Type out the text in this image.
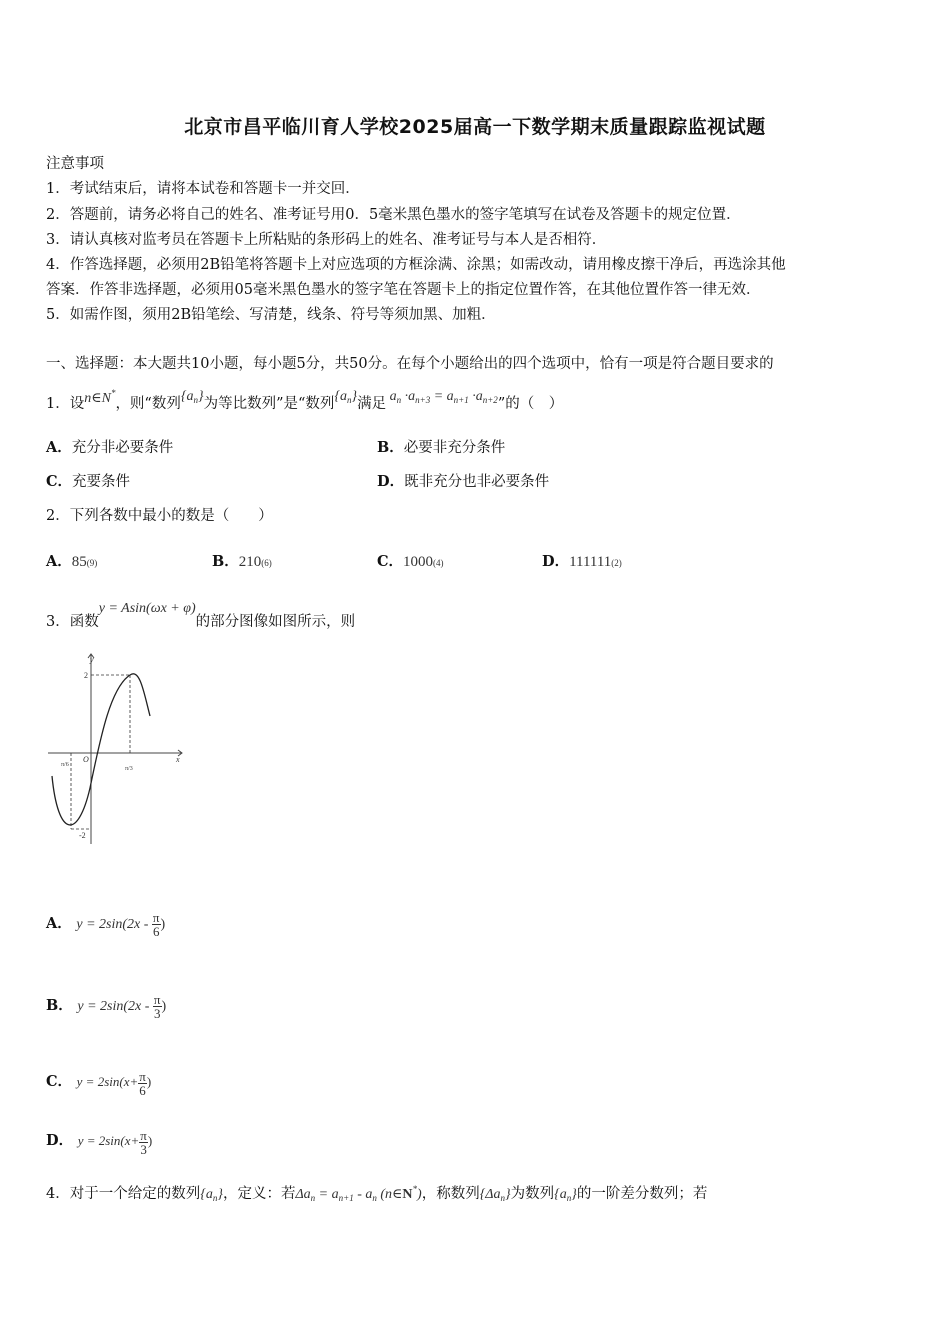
北京市昌平临川育人学校2025届高一下数学期末质量跟踪监视试题
注意事项
1．考试结束后，请将本试卷和答题卡一并交回．
2．答题前，请务必将自己的姓名、准考证号用0．5毫米黑色墨水的签字笔填写在试卷及答题卡的规定位置．
3．请认真核对监考员在答题卡上所粘贴的条形码上的姓名、准考证号与本人是否相符．
4．作答选择题，必须用2B铅笔将答题卡上对应选项的方框涂满、涂黑；如需改动，请用橡皮擦干净后，再选涂其他
答案．作答非选择题，必须用05毫米黑色墨水的签字笔在答题卡上的指定位置作答，在其他位置作答一律无效．
5．如需作图，须用2B铅笔绘、写清楚，线条、符号等须加黑、加粗．
一、选择题：本大题共10小题，每小题5分，共50分。在每个小题给出的四个选项中，恰有一项是符合题目要求的
1．设n∈N*，则“数列$\{a_n\}$为等比数列”是“数列$\{a_n\}$满足 $a_n \cdot a_{n+3} = a_{n+1} \cdot a_{n+2}$”的（　）
A．充分非必要条件	B．必要非充分条件
C．充要条件	D．既非充分也非必要条件
2．下列各数中最小的数是（　　）
A．85(9)	B．210(6)	C．1000(4)	D．111111(2)
3．函数y = Asin(ωx + φ)的部分图像如图所示，则
y
x
2
-2
O
π/6
π/3
A． $y = 2\sin(2x - \frac{\pi}{6}$ )
B． $y = 2\sin(2x - \frac{\pi}{3}$ )
C． $y = 2\sin(x+ \frac{\pi}{6}$ )
D． $y = 2\sin(x+ \frac{\pi}{3}$ )
4．对于一个给定的数列$\{a_n\}$，定义：若$\Delta a_n = a_{n+1} - a_n$ (n∈N*)，称数列$\{\Delta a_n\}$为数列$\{a_n\}$的一阶差分数列；若
